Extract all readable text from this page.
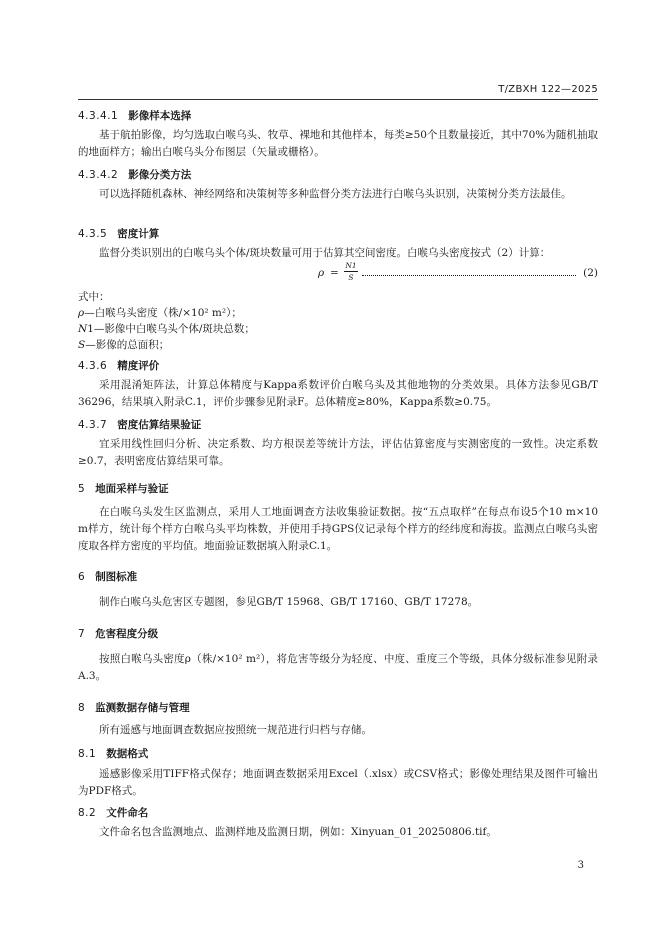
T/ZBXH 122—2025
4.3.4.1 影像样本选择
基于航拍影像，均匀选取白喉乌头、牧草、裸地和其他样本，每类≥50个且数量接近，其中70%为随机抽取的地面样方；输出白喉乌头分布图层（矢量或栅格）。
4.3.4.2 影像分类方法
可以选择随机森林、神经网络和决策树等多种监督分类方法进行白喉乌头识别，决策树分类方法最佳。
4.3.5 密度计算
监督分类识别出的白喉乌头个体/斑块数量可用于估算其空间密度。白喉乌头密度按式（2）计算：
ρ =
N1
S	(2)
式中：
ρ—白喉乌头密度（株/×10² m²）；
N1—影像中白喉乌头个体/斑块总数；
S—影像的总面积；
4.3.6 精度评价
采用混淆矩阵法，计算总体精度与Kappa系数评价白喉乌头及其他地物的分类效果。具体方法参见GB/T 36296，结果填入附录C.1，评价步骤参见附录F。总体精度≥80%，Kappa系数≥0.75。
4.3.7 密度估算结果验证
宜采用线性回归分析、决定系数、均方根误差等统计方法，评估估算密度与实测密度的一致性。决定系数≥0.7，表明密度估算结果可靠。
5 地面采样与验证
在白喉乌头发生区监测点，采用人工地面调查方法收集验证数据。按“五点取样”在每点布设5个10 m×10 m样方，统计每个样方白喉乌头平均株数，并使用手持GPS仪记录每个样方的经纬度和海拔。监测点白喉乌头密度取各样方密度的平均值。地面验证数据填入附录C.1。
6 制图标准
制作白喉乌头危害区专题图，参见GB/T 15968、GB/T 17160、GB/T 17278。
7 危害程度分级
按照白喉乌头密度ρ（株/×10² m²），将危害等级分为轻度、中度、重度三个等级，具体分级标准参见附录A.3。
8 监测数据存储与管理
所有遥感与地面调查数据应按照统一规范进行归档与存储。
8.1 数据格式
遥感影像采用TIFF格式保存；地面调查数据采用Excel（.xlsx）或CSV格式；影像处理结果及图件可输出为PDF格式。
8.2 文件命名
文件命名包含监测地点、监测样地及监测日期，例如：Xinyuan_01_20250806.tif。
3
